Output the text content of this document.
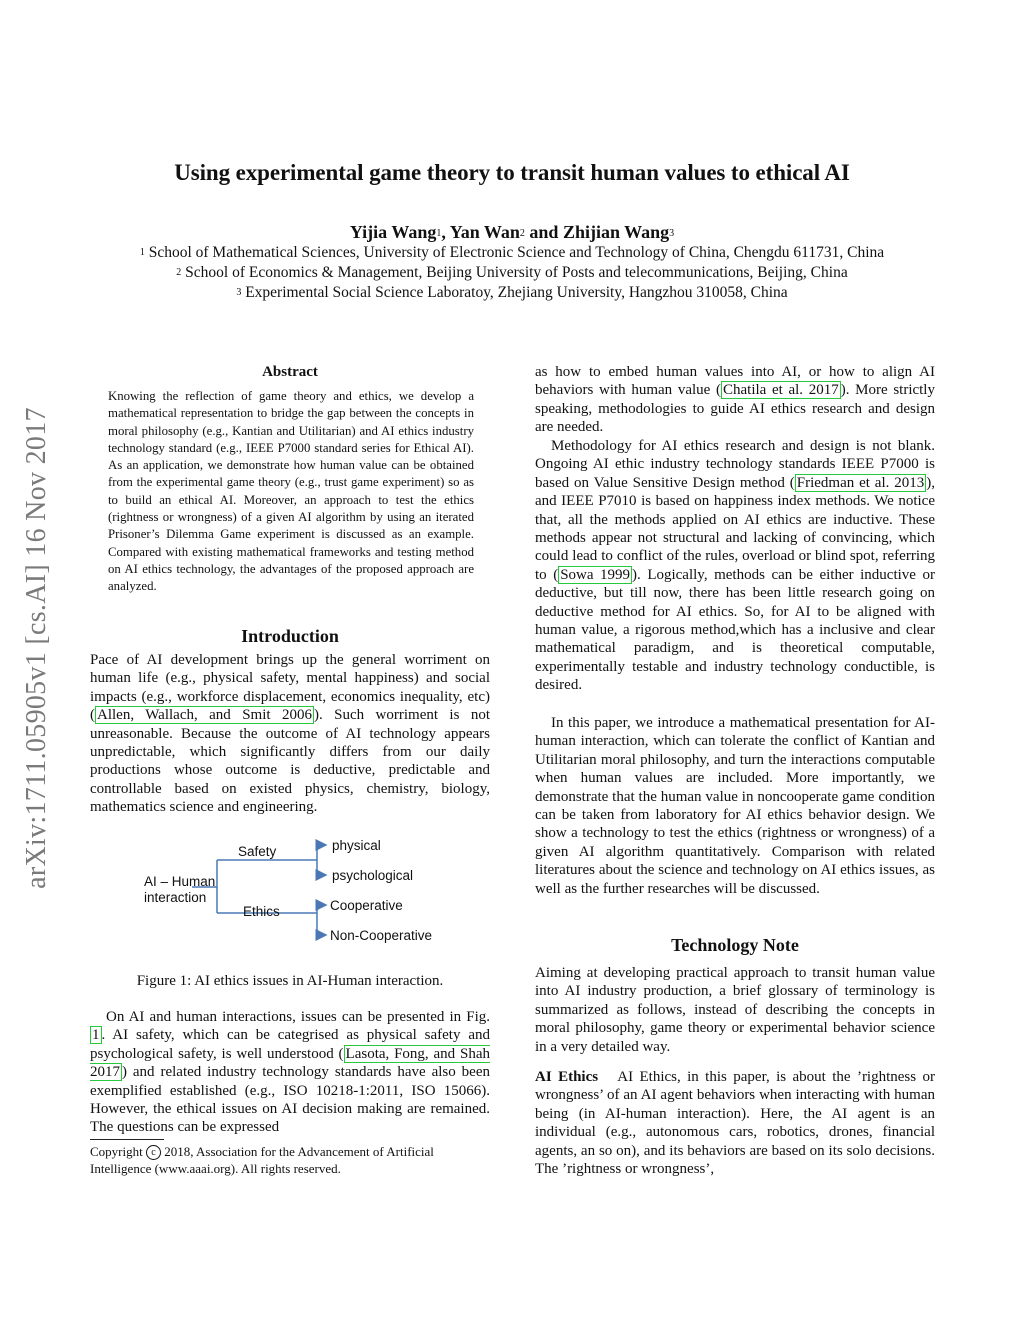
Using experimental game theory to transit human values to ethical AI
Yijia Wang$^1$, Yan Wan$^2$ and Zhijian Wang$^3$
$^1$ School of Mathematical Sciences, University of Electronic Science and Technology of China, Chengdu 611731, China
$^2$ School of Economics & Management, Beijing University of Posts and telecommunications, Beijing, China
$^3$ Experimental Social Science Laboratoy, Zhejiang University, Hangzhou 310058, China
arXiv:1711.05905v1 [cs.AI] 16 Nov 2017
Abstract
Knowing the reflection of game theory and ethics, we develop a mathematical representation to bridge the gap between the concepts in moral philosophy (e.g., Kantian and Utilitarian) and AI ethics industry technology standard (e.g., IEEE P7000 standard series for Ethical AI). As an application, we demonstrate how human value can be obtained from the experimental game theory (e.g., trust game experiment) so as to build an ethical AI. Moreover, an approach to test the ethics (rightness or wrongness) of a given AI algorithm by using an iterated Prisoner’s Dilemma Game experiment is discussed as an example. Compared with existing mathematical frameworks and testing method on AI ethics technology, the advantages of the proposed approach are analyzed.
Introduction
Pace of AI development brings up the general worriment on human life (e.g., physical safety, mental happiness) and social impacts (e.g., workforce displacement, economics inequality, etc) ( Allen, Wallach, and Smit 2006 ). Such worriment is not unreasonable. Because the outcome of AI technology appears unpredictable, which significantly differs from our daily productions whose outcome is deductive, predictable and controllable based on existed physics, chemistry, biology, mathematics science and engineering.
AI – Human
interaction
Safety
Ethics
physical
psychological
Cooperative
Non-Cooperative
Figure 1: AI ethics issues in AI-Human interaction.
On AI and human interactions, issues can be presented in Fig. 1 . AI safety, which can be categrised as physical safety and psychological safety, is well understood ( Lasota, Fong, and Shah 2017 ) and related industry technology standards have also been exemplified established (e.g., ISO 10218-1:2011, ISO 15066). However, the ethical issues on AI decision making are remained. The questions can be expressed
Copyright c 2018, Association for the Advancement of Artificial Intelligence (www.aaai.org). All rights reserved.
as how to embed human values into AI, or how to align AI behaviors with human value ( Chatila et al. 2017 ). More strictly speaking, methodologies to guide AI ethics research and design are needed.
Methodology for AI ethics research and design is not blank. Ongoing AI ethic industry technology standards IEEE P7000 is based on Value Sensitive Design method ( Friedman et al. 2013 ), and IEEE P7010 is based on happiness index methods. We notice that, all the methods applied on AI ethics are inductive. These methods appear not structural and lacking of convincing, which could lead to conflict of the rules, overload or blind spot, referring to ( Sowa 1999 ). Logically, methods can be either inductive or deductive, but till now, there has been little research going on deductive method for AI ethics. So, for AI to be aligned with human value, a rigorous method,which has a inclusive and clear mathematical paradigm, and is theoretical computable, experimentally testable and industry technology conductible, is desired.
In this paper, we introduce a mathematical presentation for AI-human interaction, which can tolerate the conflict of Kantian and Utilitarian moral philosophy, and turn the interactions computable when human values are included. More importantly, we demonstrate that the human value in noncooperate game condition can be taken from laboratory for AI ethics behavior design. We show a technology to test the ethics (rightness or wrongness) of a given AI algorithm quantitatively. Comparison with related literatures about the science and technology on AI ethics issues, as well as the further researches will be discussed.
Technology Note
Aiming at developing practical approach to transit human value into AI industry production, a brief glossary of terminology is summarized as follows, instead of describing the concepts in moral philosophy, game theory or experimental behavior science in a very detailed way.
AI Ethics AI Ethics, in this paper, is about the ’rightness or wrongness’ of an AI agent behaviors when interacting with human being (in AI-human interaction). Here, the AI agent is an individual (e.g., autonomous cars, robotics, drones, financial agents, an so on), and its behaviors are based on its solo decisions. The ’rightness or wrongness’,
